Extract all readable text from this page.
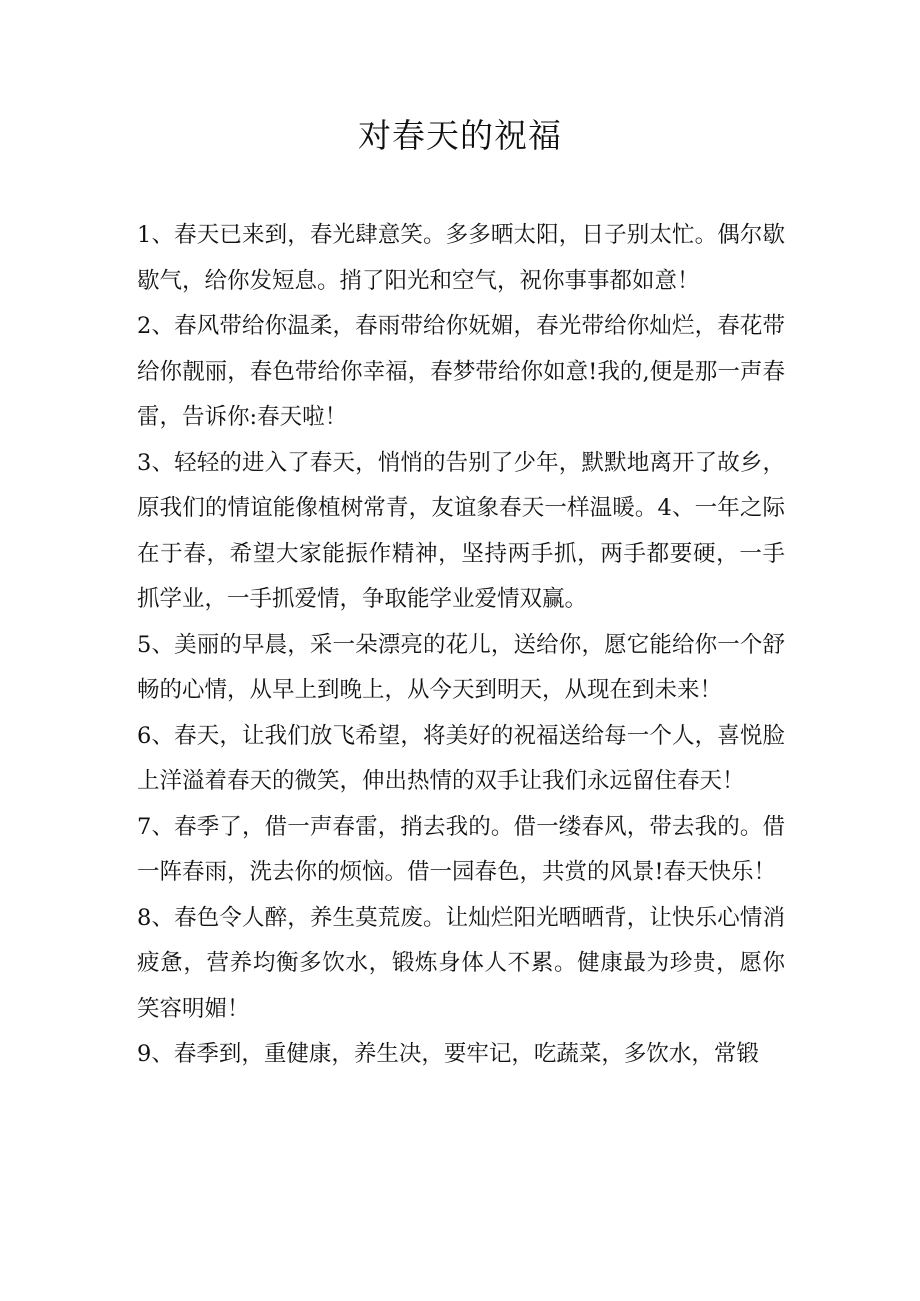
对春天的祝福

1、春天已来到，春光肆意笑。多多晒太阳，日子别太忙。偶尔歇歇气，给你发短息。捎了阳光和空气，祝你事事都如意！

2、春风带给你温柔，春雨带给你妩媚，春光带给你灿烂，春花带给你靓丽，春色带给你幸福，春梦带给你如意!我的,便是那一声春雷，告诉你:春天啦！

3、轻轻的进入了春天，悄悄的告别了少年，默默地离开了故乡，原我们的情谊能像植树常青，友谊象春天一样温暖。4、一年之际在于春，希望大家能振作精神，坚持两手抓，两手都要硬，一手抓学业，一手抓爱情，争取能学业爱情双赢。

5、美丽的早晨，采一朵漂亮的花儿，送给你，愿它能给你一个舒畅的心情，从早上到晚上，从今天到明天，从现在到未来！

6、春天，让我们放飞希望，将美好的祝福送给每一个人，喜悦脸上洋溢着春天的微笑，伸出热情的双手让我们永远留住春天！

7、春季了，借一声春雷，捎去我的。借一缕春风，带去我的。借一阵春雨，洗去你的烦恼。借一园春色，共赏的风景!春天快乐！

8、春色令人醉，养生莫荒废。让灿烂阳光晒晒背，让快乐心情消疲惫，营养均衡多饮水，锻炼身体人不累。健康最为珍贵，愿你笑容明媚！

9、春季到，重健康，养生决，要牢记，吃蔬菜，多饮水，常锻
